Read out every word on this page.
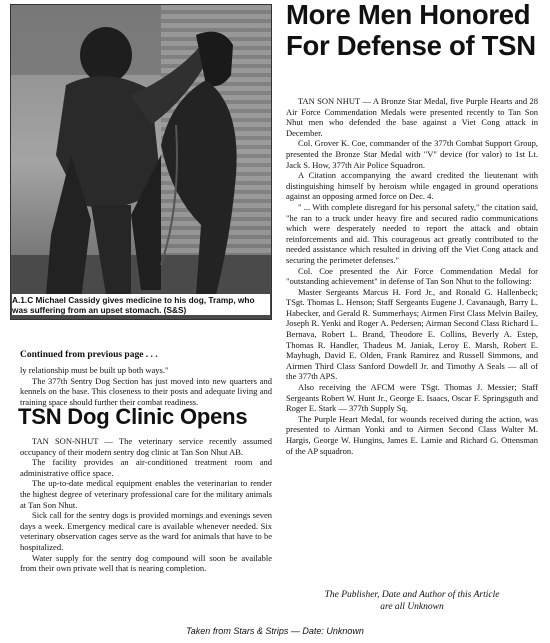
A.1.C Michael Cassidy gives medicine to his dog, Tramp, who was suffering from an upset stomach. (S&S)
Continued from previous page . . .

ly relationship must be built up both ways."

The 377th Sentry Dog Section has just moved into new quarters and kennels on the base. This closeness to their posts and adequate living and training space should further their combat readiness.

TSN Dog Clinic Opens

TAN SON-NHUT — The veterinary service recently assumed occupancy of their modern sentry dog clinic at Tan Son Nhut AB.

The facility provides an air-conditioned treatment room and administrative office space.

The up-to-date medical equipment enables the veterinarian to render the highest degree of veterinary professional care for the military animals at Tan Son Nhut.

Sick call for the sentry dogs is provided mornings and evenings seven days a week. Emergency medical care is available whenever needed. Six veterinary observation cages serve as the ward for animals that have to be hospitalized.

Water supply for the sentry dog compound will soon be available from their own private well that is nearing completion.

More Men Honored For Defense of TSN

TAN SON NHUT — A Bronze Star Medal, five Purple Hearts and 28 Air Force Commendation Medals were presented recently to Tan Son Nhut men who defended the base against a Viet Cong attack in December.

Col. Grover K. Coe, commander of the 377th Combat Support Group, presented the Bronze Star Medal with "V" device (for valor) to 1st Lt. Jack S. How, 377th Air Police Squadron.

A Citation accompanying the award credited the lieutenant with distinguishing himself by heroism while engaged in ground operations against an opposing armed force on Dec. 4.

" ... With complete disregard for his personal safety," the citation said, "he ran to a truck under heavy fire and secured radio communications which were desperately needed to report the attack and obtain reinforcements and aid. This courageous act greatly contributed to the needed assistance which resulted in driving off the Viet Cong attack and securing the perimeter defenses."

Col. Coe presented the Air Force Commendation Medal for "outstanding achievement" in defense of Tan Son Nhut to the following:

Master Sergeants Marcus H. Ford Jr., and Ronald G. Hallenbeck; TSgt. Thomas L. Henson; Staff Sergeants Eugene J. Cavanaugh, Barry L. Habecker, and Gerald R. Summerhays; Airmen First Class Melvin Bailey, Joseph R. Yenki and Roger A. Pedersen; Airman Second Class Richard L. Bernava, Robert L. Brand, Theodore E. Collins, Beverly A. Estep, Thomas R. Handler, Thadeus M. Janiak, Leroy E. Marsh, Robert E. Mayhugh, David E. Olden, Frank Ramirez and Russell Simmons, and Airmen Third Class Sanford Dowdell Jr. and Timothy A Seals — all of the 377th APS.

Also receiving the AFCM were TSgt. Thomas J. Messier; Staff Sergeants Robert W. Hunt Jr., George E. Isaacs, Oscar F. Springsguth and Roger E. Stark — 377th Supply Sq.

The Purple Heart Medal, for wounds received during the action, was presented to Airman Yonki and to Airmen Second Class Walter M. Hargis, George W. Hungins, James E. Lamie and Richard G. Ottensman of the AP squadron.

The Publisher, Date and Author of this Article
are all Unknown
Taken from Stars & Strips — Date: Unknown
